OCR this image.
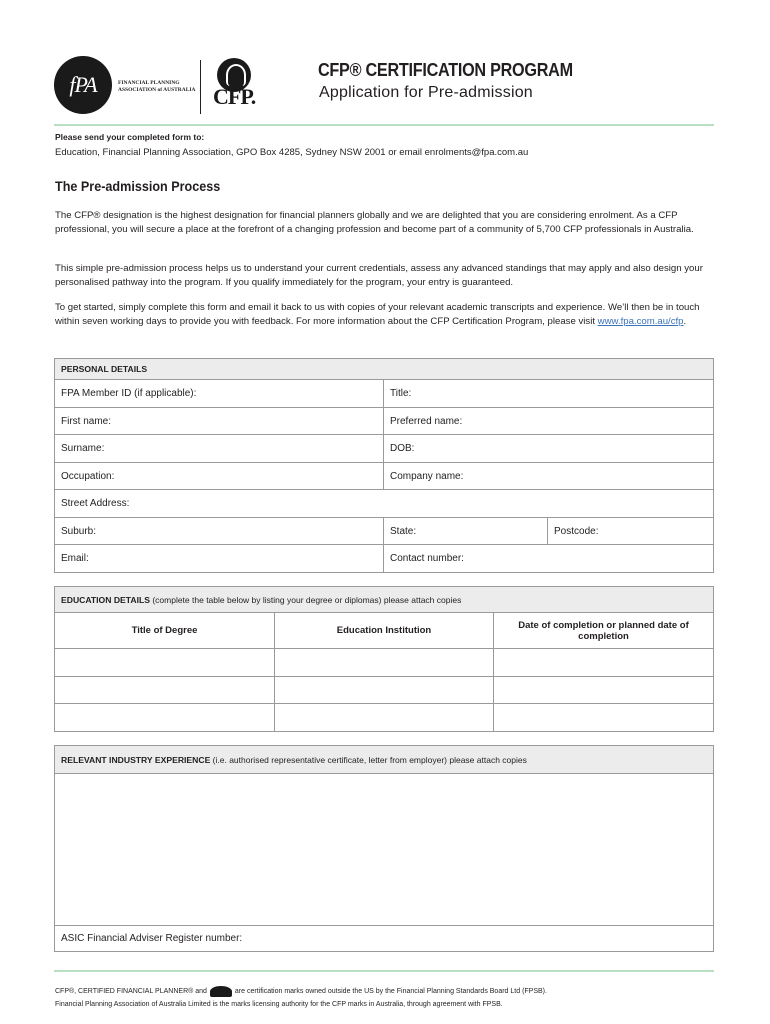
fPA	FINANCIAL PLANNING
ASSOCIATION of AUSTRALIA CFP.
CFP® CERTIFICATION PROGRAM
Application for Pre-admission
Please send your completed form to:
Education, Financial Planning Association, GPO Box 4285, Sydney NSW 2001 or email enrolments@fpa.com.au
The Pre-admission Process

The CFP® designation is the highest designation for financial planners globally and we are delighted that you are considering enrolment. As a CFP professional, you will secure a place at the forefront of a changing profession and become part of a community of 5,700 CFP professionals in Australia.

This simple pre-admission process helps us to understand your current credentials, assess any advanced standings that may apply and also design your personalised pathway into the program. If you qualify immediately for the program, your entry is guaranteed.

To get started, simply complete this form and email it back to us with copies of your relevant academic transcripts and experience. We’ll then be in touch within seven working days to provide you with feedback. For more information about the CFP Certification Program, please visit www.fpa.com.au/cfp.

PERSONAL DETAILS		
FPA Member ID (if applicable):	Title:	
First name:	Preferred name:	
Surname:	DOB:	
Occupation:	Company name:	
Street Address:		
Suburb:	State:	Postcode:
Email:	Contact number:	
EDUCATION DETAILS (complete the table below by listing your degree or diplomas) please attach copies		
Title of Degree	Education Institution	Date of completion or planned date of completion

RELEVANT INDUSTRY EXPERIENCE (i.e. authorised representative certificate, letter from employer) please attach copies

ASIC Financial Adviser Register number:
CFP®, CERTIFIED FINANCIAL PLANNER® and	are certification marks owned outside the US by the Financial Planning Standards Board Ltd (FPSB).
Financial Planning Association of Australia Limited is the marks licensing authority for the CFP marks in Australia, through agreement with FPSB.
